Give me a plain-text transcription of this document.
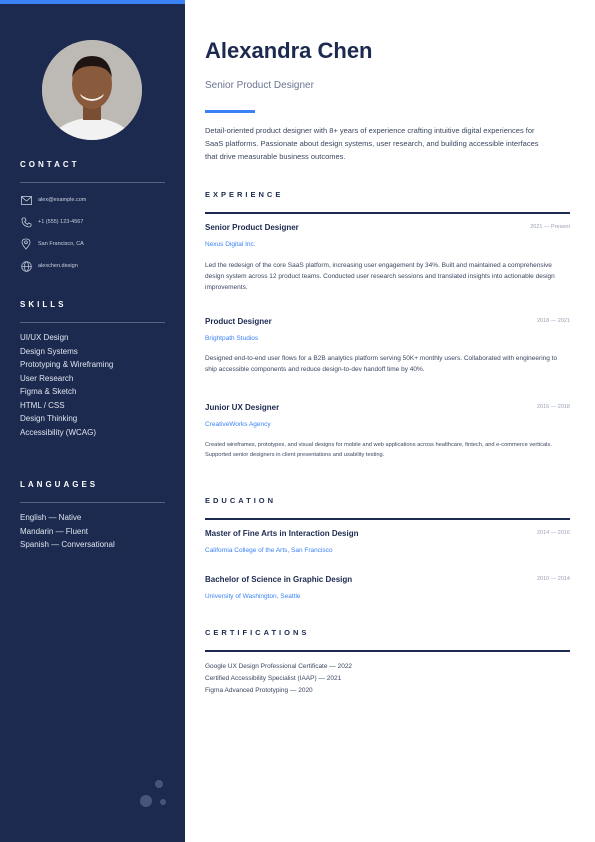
CONTACT
alex@example.com
+1 (555) 123-4567
San Francisco, CA
alexchen.design
SKILLS
UI/UX Design
Design Systems
Prototyping & Wireframing
User Research
Figma & Sketch
HTML / CSS
Design Thinking
Accessibility (WCAG)
LANGUAGES
English — Native
Mandarin — Fluent
Spanish — Conversational
Alexandra Chen
Senior Product Designer
Detail-oriented product designer with 8+ years of experience crafting intuitive digital experiences for SaaS platforms. Passionate about design systems, user research, and building accessible interfaces that drive measurable business outcomes.
EXPERIENCE
Senior Product Designer	2021 — Present
Nexus Digital Inc.
Led the redesign of the core SaaS platform, increasing user engagement by 34%. Built and maintained a comprehensive design system across 12 product teams. Conducted user research sessions and translated insights into actionable design improvements.
Product Designer	2018 — 2021
Brightpath Studios
Designed end-to-end user flows for a B2B analytics platform serving 50K+ monthly users. Collaborated with engineering to ship accessible components and reduce design-to-dev handoff time by 40%.
Junior UX Designer	2016 — 2018
CreativeWorks Agency
Created wireframes, prototypes, and visual designs for mobile and web applications across healthcare, fintech, and e-commerce verticals. Supported senior designers in client presentations and usability testing.
EDUCATION
Master of Fine Arts in Interaction Design	2014 — 2016
California College of the Arts, San Francisco
Bachelor of Science in Graphic Design	2010 — 2014
University of Washington, Seattle
CERTIFICATIONS
Google UX Design Professional Certificate — 2022
Certified Accessibility Specialist (IAAP) — 2021
Figma Advanced Prototyping — 2020
